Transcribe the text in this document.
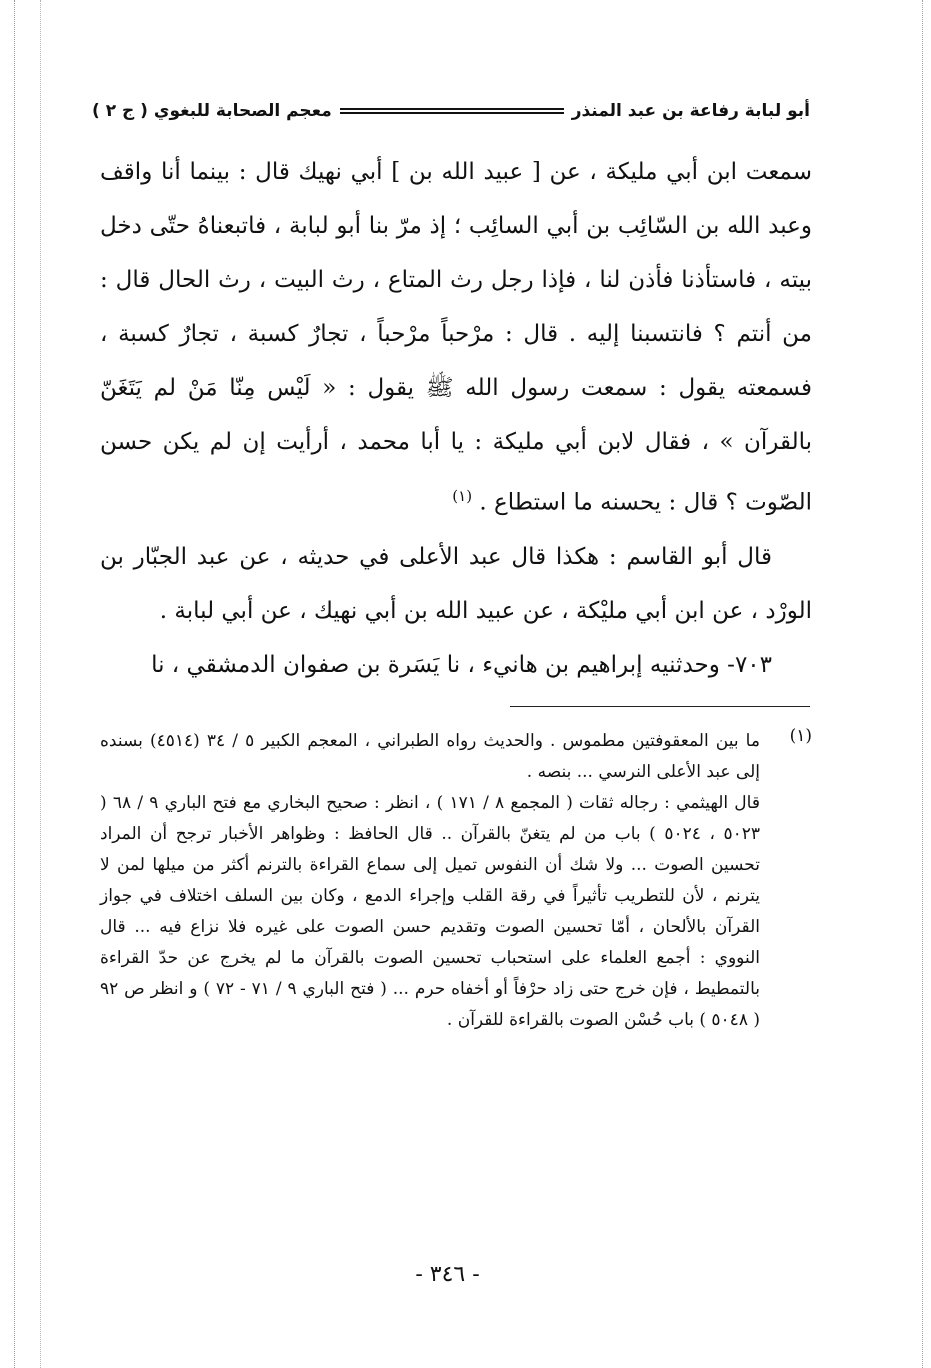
أبو لبابة رفاعة بن عبد المنذر
معجم الصحابة للبغوي ( ج ٢ )

سمعت ابن أبي مليكة ، عن [ عبيد الله بن ] أبي نهيك قال : بينما أنا واقف وعبد الله بن السّائِب بن أبي السائِب ؛ إذ مرّ بنا أبو لبابة ، فاتبعناهُ حتّى دخل بيته ، فاستأذنا فأذن لنا ، فإذا رجل رث المتاع ، رث البيت ، رث الحال قال : من أنتم ؟ فانتسبنا إليه . قال : مرْحباً مرْحباً ، تجارٌ كسبة ، تجارٌ كسبة ، فسمعته يقول : سمعت رسول الله ﷺ يقول : « لَيْس مِنّا مَنْ لم يَتَغَنّ بالقرآن » ، فقال لابن أبي مليكة : يا أبا محمد ، أرأيت إن لم يكن حسن الصّوت ؟ قال : يحسنه ما استطاع . $^{(١)}$

قال أبو القاسم : هكذا قال عبد الأعلى في حديثه ، عن عبد الجبّار بن الورْد ، عن ابن أبي مليْكة ، عن عبيد الله بن أبي نهيك ، عن أبي لبابة .

٧٠٣- وحدثنيه إبراهيم بن هانيء ، نا يَسَرة بن صفوان الدمشقي ، نا

(١)

ما بين المعقوفتين مطموس . والحديث رواه الطبراني ، المعجم الكبير ٥ / ٣٤ (٤٥١٤) بسنده إلى عبد الأعلى النرسي ... بنصه .

قال الهيثمي : رجاله ثقات ( المجمع ٨ / ١٧١ ) ، انظر : صحيح البخاري مع فتح الباري ٩ / ٦٨ ( ٥٠٢٣ ، ٥٠٢٤ ) باب من لم يتغنّ بالقرآن .. قال الحافظ : وظواهر الأخبار ترجح أن المراد تحسين الصوت ... ولا شك أن النفوس تميل إلى سماع القراءة بالترنم أكثر من ميلها لمن لا يترنم ، لأن للتطريب تأثيراً في رقة القلب وإجراء الدمع ، وكان بين السلف اختلاف في جواز القرآن بالألحان ، أمّا تحسين الصوت وتقديم حسن الصوت على غيره فلا نزاع فيه ... قال النووي : أجمع العلماء على استحباب تحسين الصوت بالقرآن ما لم يخرج عن حدّ القراءة بالتمطيط ، فإن خرج حتى زاد حرْفاً أو أخفاه حرم ... ( فتح الباري ٩ / ٧١ - ٧٢ ) و انظر ص ٩٢ ( ٥٠٤٨ ) باب حُسْن الصوت بالقراءة للقرآن .

- ٣٤٦ -
